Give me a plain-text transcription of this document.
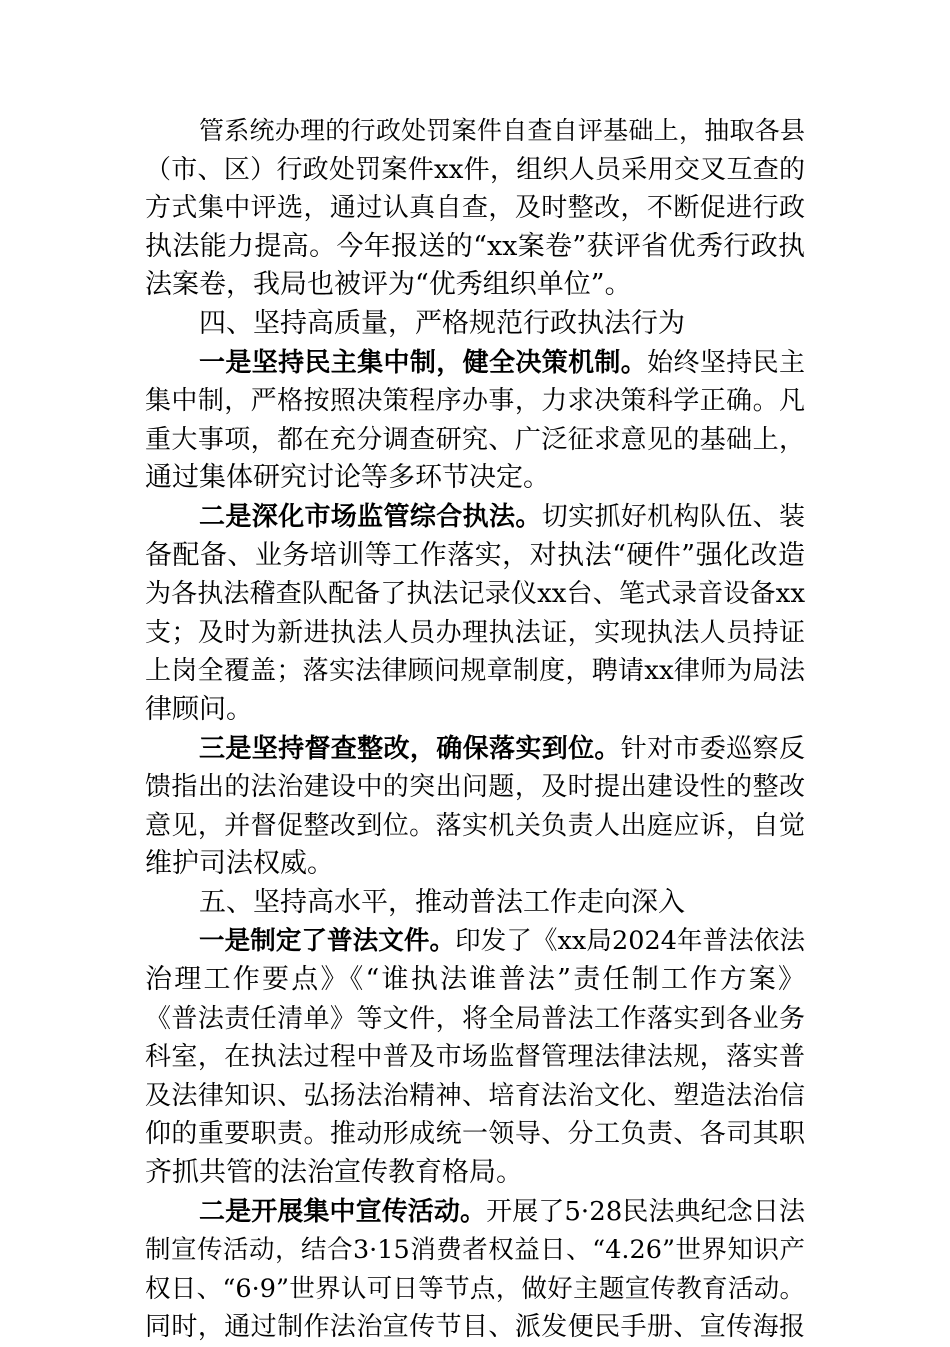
管系统办理的行政处罚案件自查自评基础上，抽取各县
（市、区）行政处罚案件xx件，组织人员采用交叉互查的
方式集中评选，通过认真自查，及时整改，不断促进行政
执法能力提高。今年报送的“xx案卷”获评省优秀行政执
法案卷，我局也被评为“优秀组织单位”。
四、坚持高质量，严格规范行政执法行为
一是坚持民主集中制，健全决策机制。始终坚持民主
集中制，严格按照决策程序办事，力求决策科学正确。凡
重大事项，都在充分调查研究、广泛征求意见的基础上，
通过集体研究讨论等多环节决定。
二是深化市场监管综合执法。切实抓好机构队伍、装
备配备、业务培训等工作落实，对执法“硬件”强化改造
为各执法稽查队配备了执法记录仪xx台、笔式录音设备xx
支；及时为新进执法人员办理执法证，实现执法人员持证
上岗全覆盖；落实法律顾问规章制度，聘请xx律师为局法
律顾问。
三是坚持督查整改，确保落实到位。针对市委巡察反
馈指出的法治建设中的突出问题，及时提出建设性的整改
意见，并督促整改到位。落实机关负责人出庭应诉，自觉
维护司法权威。
五、坚持高水平，推动普法工作走向深入
一是制定了普法文件。印发了《xx局2024年普法依法
治理工作要点》《“谁执法谁普法”责任制工作方案》
《普法责任清单》等文件，将全局普法工作落实到各业务
科室，在执法过程中普及市场监督管理法律法规，落实普
及法律知识、弘扬法治精神、培育法治文化、塑造法治信
仰的重要职责。推动形成统一领导、分工负责、各司其职
齐抓共管的法治宣传教育格局。
二是开展集中宣传活动。开展了5·28民法典纪念日法
制宣传活动，结合3·15消费者权益日、“4.26”世界知识产
权日、“6·9”世界认可日等节点，做好主题宣传教育活动。
同时，通过制作法治宣传节目、派发便民手册、宣传海报
